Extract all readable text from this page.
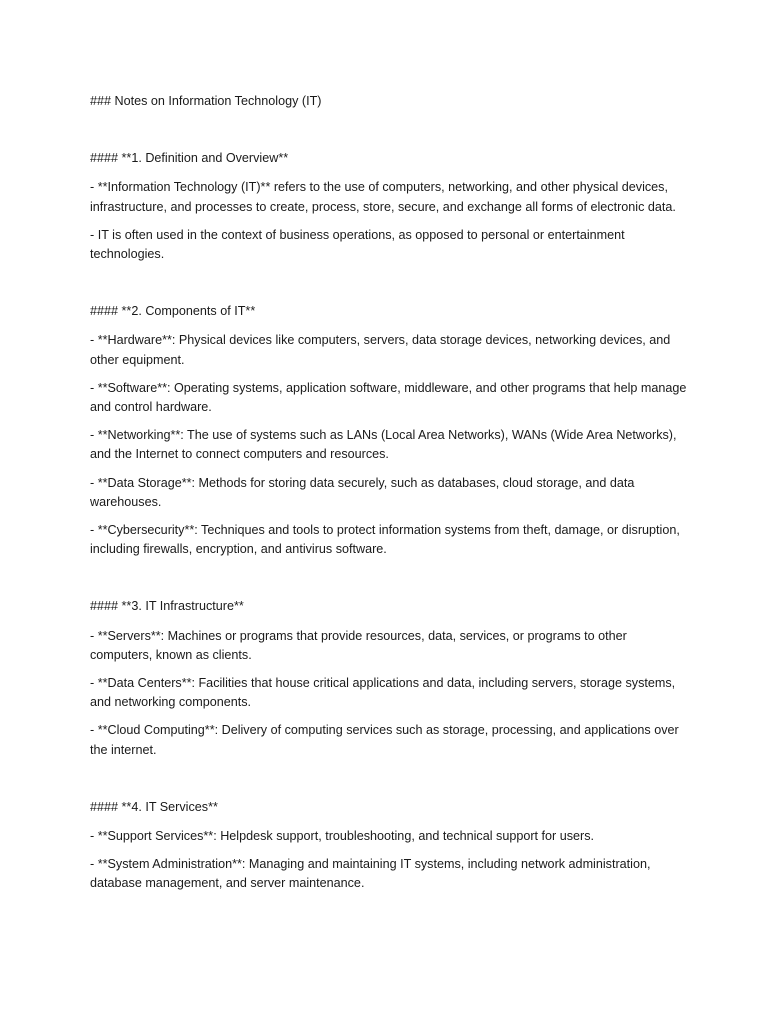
### Notes on Information Technology (IT)

#### **1. Definition and Overview**

- **Information Technology (IT)** refers to the use of computers, networking, and other physical devices, infrastructure, and processes to create, process, store, secure, and exchange all forms of electronic data.

- IT is often used in the context of business operations, as opposed to personal or entertainment technologies.

#### **2. Components of IT**

- **Hardware**: Physical devices like computers, servers, data storage devices, networking devices, and other equipment.

- **Software**: Operating systems, application software, middleware, and other programs that help manage and control hardware.

- **Networking**: The use of systems such as LANs (Local Area Networks), WANs (Wide Area Networks), and the Internet to connect computers and resources.

- **Data Storage**: Methods for storing data securely, such as databases, cloud storage, and data warehouses.

- **Cybersecurity**: Techniques and tools to protect information systems from theft, damage, or disruption, including firewalls, encryption, and antivirus software.

#### **3. IT Infrastructure**

- **Servers**: Machines or programs that provide resources, data, services, or programs to other computers, known as clients.

- **Data Centers**: Facilities that house critical applications and data, including servers, storage systems, and networking components.

- **Cloud Computing**: Delivery of computing services such as storage, processing, and applications over the internet.

#### **4. IT Services**

- **Support Services**: Helpdesk support, troubleshooting, and technical support for users.

- **System Administration**: Managing and maintaining IT systems, including network administration, database management, and server maintenance.
